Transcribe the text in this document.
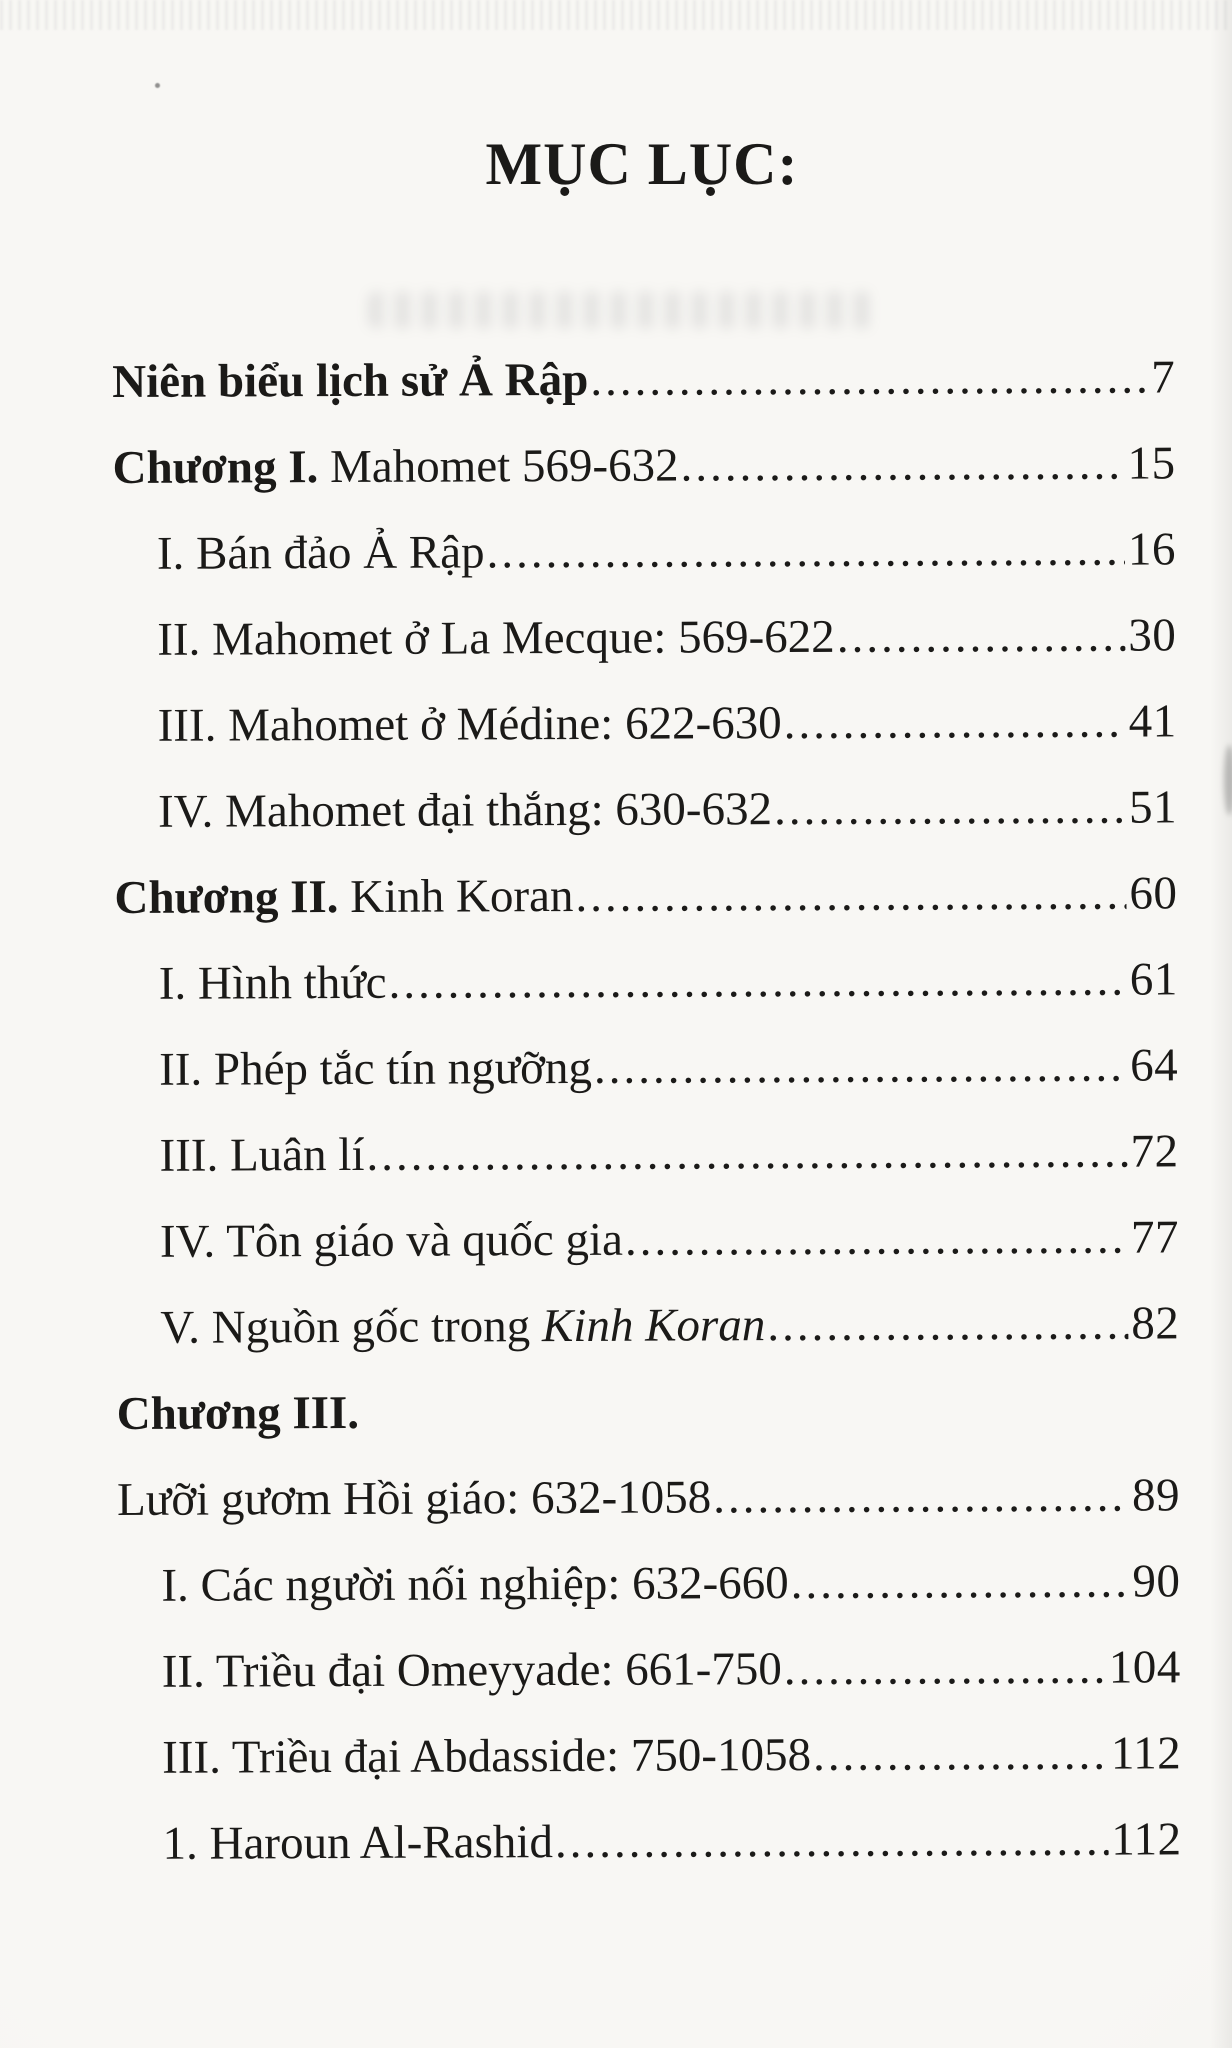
MỤC LỤC:
Niên biểu lịch sử Ả Rập .....	7
Chương I. Mahomet 569-632 .....	15
I. Bán đảo Ả Rập .....	16
II. Mahomet ở La Mecque: 569-622 .....	30
III. Mahomet ở Médine: 622-630 .....	41
IV. Mahomet đại thắng: 630-632 .....	51
Chương II. Kinh Koran .....	60
I. Hình thức .....	61
II. Phép tắc tín ngưỡng .....	64
III. Luân lí .....	72
IV. Tôn giáo và quốc gia .....	77
V. Nguồn gốc trong Kinh Koran .....	82
Chương III.
Lưỡi gươm Hồi giáo: 632-1058 .....	89
I. Các người nối nghiệp: 632-660 .....	90
II. Triều đại Omeyyade: 661-750 .....	104
III. Triều đại Abdasside: 750-1058 .....	112
1. Haroun Al-Rashid .....	112
